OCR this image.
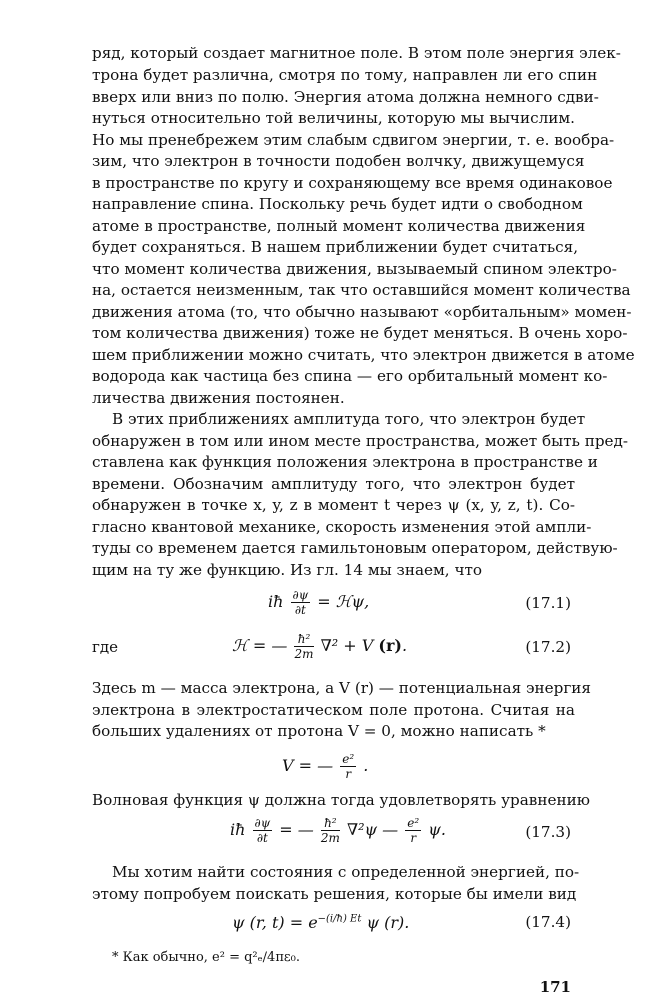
ряд, который создает магнитное поле. В этом поле энергия элек-
трона будет различна, смотря по тому, направлен ли его спин
вверх или вниз по полю. Энергия атома должна немного сдви-
нуться относительно той величины, которую мы вычислим.
Но мы пренебрежем этим слабым сдвигом энергии, т. е. вообра-
зим, что электрон в точности подобен волчку, движущемуся
в пространстве по кругу и сохраняющему все время одинаковое
направление спина. Поскольку речь будет идти о свободном
атоме в пространстве, полный момент количества движения
будет сохраняться. В нашем приближении будет считаться,
что момент количества движения, вызываемый спином электро-
на, остается неизменным, так что оставшийся момент количества
движения атома (то, что обычно называют «орбитальным» момен-
том количества движения) тоже не будет меняться. В очень хоро-
шем приближении можно считать, что электрон движется в атоме
водорода как частица без спина — его орбитальный момент ко-
личества движения постоянен.
В этих приближениях амплитуда того, что электрон будет
обнаружен в том или ином месте пространства, может быть пред-
ставлена как функция положения электрона в пространстве и
времени. Обозначим амплитуду того, что электрон будет
обнаружен в точке x, y, z в момент t через ψ (x, y, z, t). Со-
гласно квантовой механике, скорость изменения этой ампли-
туды со временем дается гамильтоновым оператором, действую-
щим на ту же функцию. Из гл. 14 мы знаем, что
iħ $\frac{\partial\psi}{\partial t}$ = ℋψ,	(17.1)
где	ℋ = — $\frac{\text{ħ²}}{2m} \nabla^2 + V$ (r).	(17.2)
Здесь m — масса электрона, а V (r) — потенциальная энергия
электрона в электростатическом поле протона. Считая на
больших удалениях от протона V = 0, можно написать *
V = — $\frac{\text{e²}}{r}$ .
Волновая функция ψ должна тогда удовлетворять уравнению
iħ $\frac{\partial\psi}{\partial t}$ = — $\frac{\text{ħ²}}{2m} \nabla^2\psi$ — $\frac{\text{e²}}{r} \psi$.	(17.3)
Мы хотим найти состояния с определенной энергией, по-
этому попробуем поискать решения, которые бы имели вид
ψ (r, $t) = e^{-(i/ħ) Et}$ ψ (r).	(17.4)
* Как обычно, e² = q²ₑ/4πε₀.
171
